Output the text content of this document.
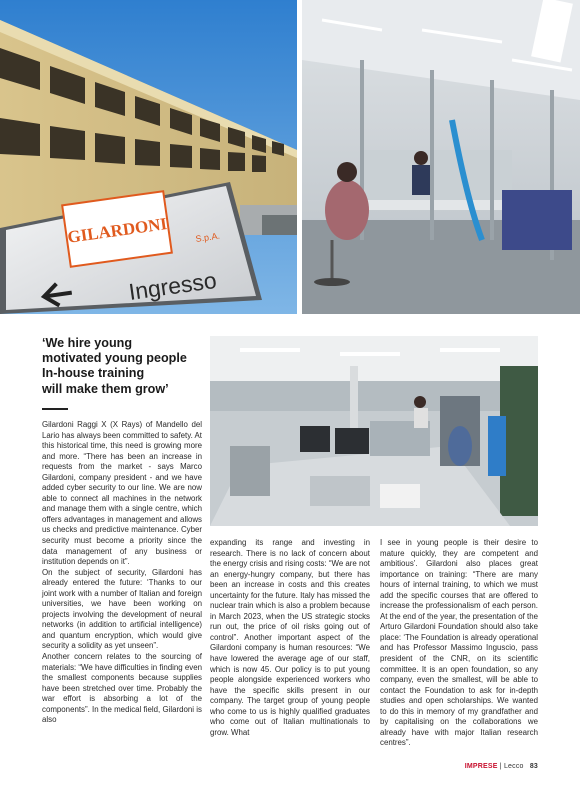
GILARDONI	S.p.A.
Ingresso
‘We hire young
motivated young people
In-house training
will make them grow’

Gilardoni Raggi X (X Rays) of Mandello del Lario has always been committed to safety. At this historical time, this need is growing more and more. “There has been an increase in requests from the market - says Marco Gilardoni, company president - and we have added cyber security to our line. We are now able to connect all machines in the network and manage them with a single centre, which offers advantages in management and allows us checks and predictive maintenance. Cyber security must become a priority since the data management of any business or institution depends on it”.

On the subject of security, Gilardoni has already entered the future: ‘Thanks to our joint work with a number of Italian and foreign universities, we have been working on projects involving the development of neural networks (in addition to artificial intelligence) and quantum encryption, which would give security a solidity as yet unseen”.

Another concern relates to the sourcing of materials: “We have difficulties in finding even the smallest components because supplies have been stretched over time. Probably the war effort is absorbing a lot of the components”. In the medical field, Gilardoni is also

expanding its range and investing in research. There is no lack of concern about the energy crisis and rising costs: “We are not an energy-hungry company, but there has been an increase in costs and this creates uncertainty for the future. Italy has missed the nuclear train which is also a problem because in March 2023, when the US strategic stocks run out, the price of oil risks going out of control”. Another important aspect of the Gilardoni company is human resources: “We have lowered the average age of our staff, which is now 45. Our policy is to put young people alongside experienced workers who have the specific skills present in our company. The target group of young people who come to us is highly qualified graduates who come out of Italian multinationals to grow. What

I see in young people is their desire to mature quickly, they are competent and ambitious’. Gilardoni also places great importance on training: “There are many hours of internal training, to which we must add the specific courses that are offered to increase the professionalism of each person. At the end of the year, the presentation of the Arturo Gilardoni Foundation should also take place: ‘The Foundation is already operational and has Professor Massimo Inguscio, pass president of the CNR, on its scientific committee. It is an open foundation, so any company, even the smallest, will be able to contact the Foundation to ask for in-depth studies and open scholarships. We wanted to do this in memory of my grandfather and by capitalising on the collaborations we already have with major Italian research centres”.

IMPRESE | Lecco 83
